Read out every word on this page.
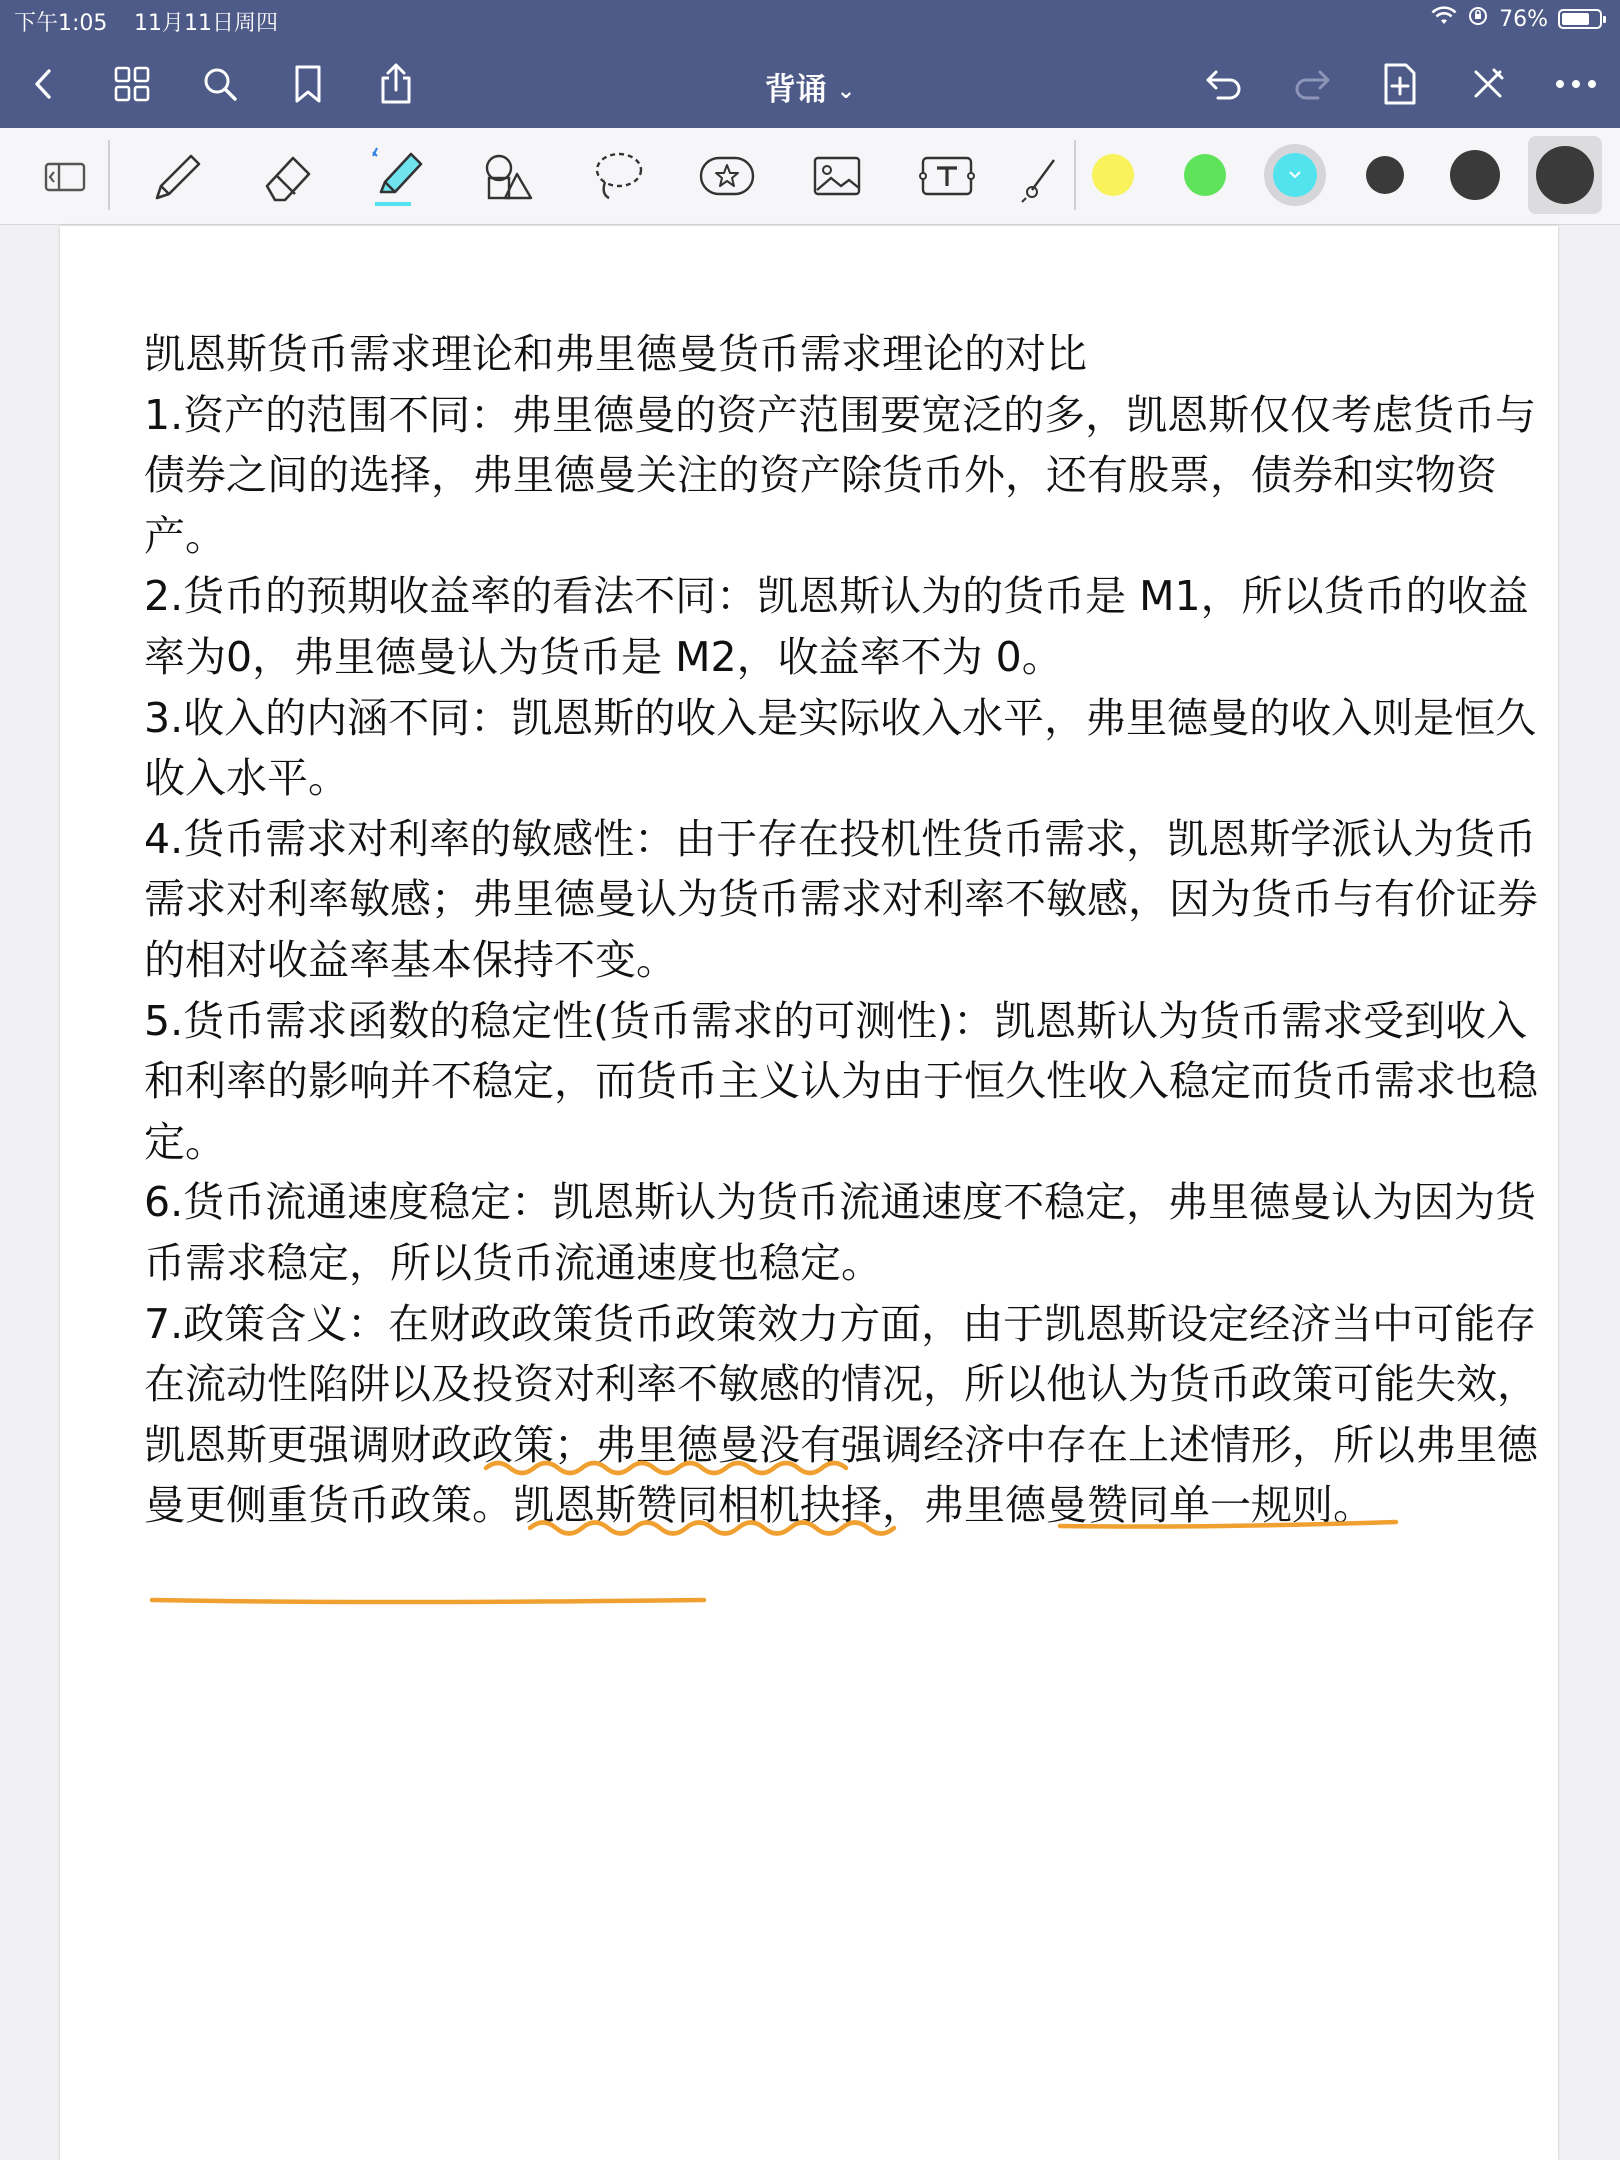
下午1:05 11月11日周四	76%
背诵 ⌄

凯恩斯货币需求理论和弗里德曼货币需求理论的对比

1.资产的范围不同：弗里德曼的资产范围要宽泛的多，凯恩斯仅仅考虑货币与债券之间的选择，弗里德曼关注的资产除货币外，还有股票，债券和实物资产。

2.货币的预期收益率的看法不同：凯恩斯认为的货币是 M1，所以货币的收益率为0，弗里德曼认为货币是 M2，收益率不为 0。

3.收入的内涵不同：凯恩斯的收入是实际收入水平，弗里德曼的收入则是恒久收入水平。

4.货币需求对利率的敏感性：由于存在投机性货币需求，凯恩斯学派认为货币需求对利率敏感；弗里德曼认为货币需求对利率不敏感，因为货币与有价证券的相对收益率基本保持不变。

5.货币需求函数的稳定性(货币需求的可测性)：凯恩斯认为货币需求受到收入和利率的影响并不稳定，而货币主义认为由于恒久性收入稳定而货币需求也稳定。

6.货币流通速度稳定：凯恩斯认为货币流通速度不稳定，弗里德曼认为因为货币需求稳定，所以货币流通速度也稳定。

7.政策含义：在财政政策货币政策效力方面，由于凯恩斯设定经济当中可能存在流动性陷阱以及投资对利率不敏感的情况，所以他认为货币政策可能失效，凯恩斯更强调财政政策；弗里德曼没有强调经济中存在上述情形，所以弗里德曼更侧重货币政策。凯恩斯赞同相机抉择，弗里德曼赞同单一规则。
